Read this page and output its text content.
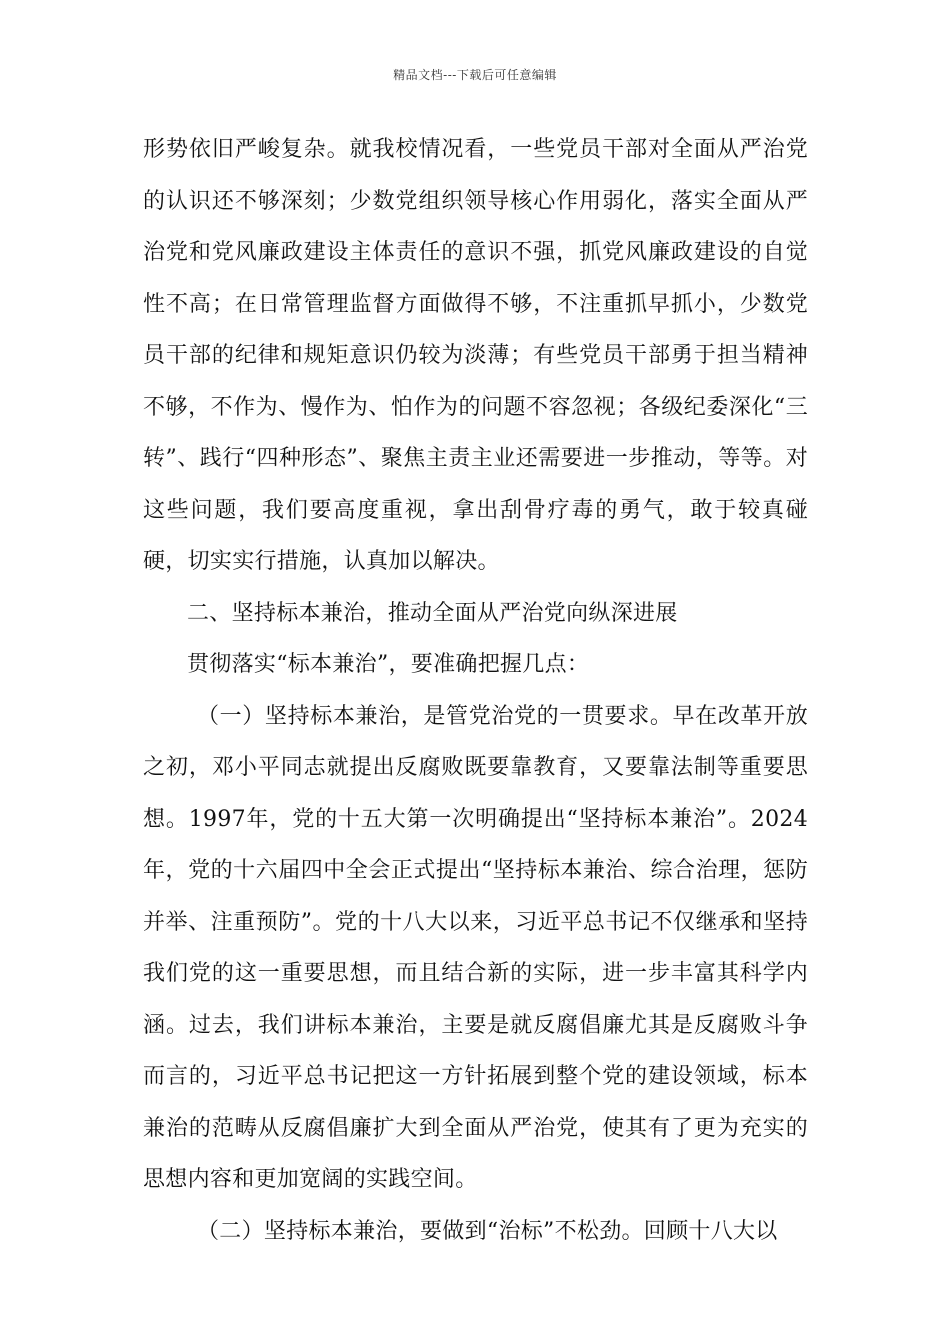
精品文档---下载后可任意编辑

形势依旧严峻复杂。就我校情况看，一些党员干部对全面从严治党的认识还不够深刻；少数党组织领导核心作用弱化，落实全面从严治党和党风廉政建设主体责任的意识不强，抓党风廉政建设的自觉性不高；在日常管理监督方面做得不够，不注重抓早抓小，少数党员干部的纪律和规矩意识仍较为淡薄；有些党员干部勇于担当精神不够，不作为、慢作为、怕作为的问题不容忽视；各级纪委深化“三转”、践行“四种形态”、聚焦主责主业还需要进一步推动，等等。对这些问题，我们要高度重视，拿出刮骨疗毒的勇气，敢于较真碰硬，切实实行措施，认真加以解决。

二、坚持标本兼治，推动全面从严治党向纵深进展

贯彻落实“标本兼治”，要准确把握几点：

（一）坚持标本兼治，是管党治党的一贯要求。早在改革开放之初，邓小平同志就提出反腐败既要靠教育，又要靠法制等重要思想。1997年，党的十五大第一次明确提出“坚持标本兼治”。2024年，党的十六届四中全会正式提出“坚持标本兼治、综合治理，惩防并举、注重预防”。党的十八大以来，习近平总书记不仅继承和坚持我们党的这一重要思想，而且结合新的实际，进一步丰富其科学内涵。过去，我们讲标本兼治，主要是就反腐倡廉尤其是反腐败斗争而言的，习近平总书记把这一方针拓展到整个党的建设领域，标本兼治的范畴从反腐倡廉扩大到全面从严治党，使其有了更为充实的思想内容和更加宽阔的实践空间。

（二）坚持标本兼治，要做到“治标”不松劲。回顾十八大以
